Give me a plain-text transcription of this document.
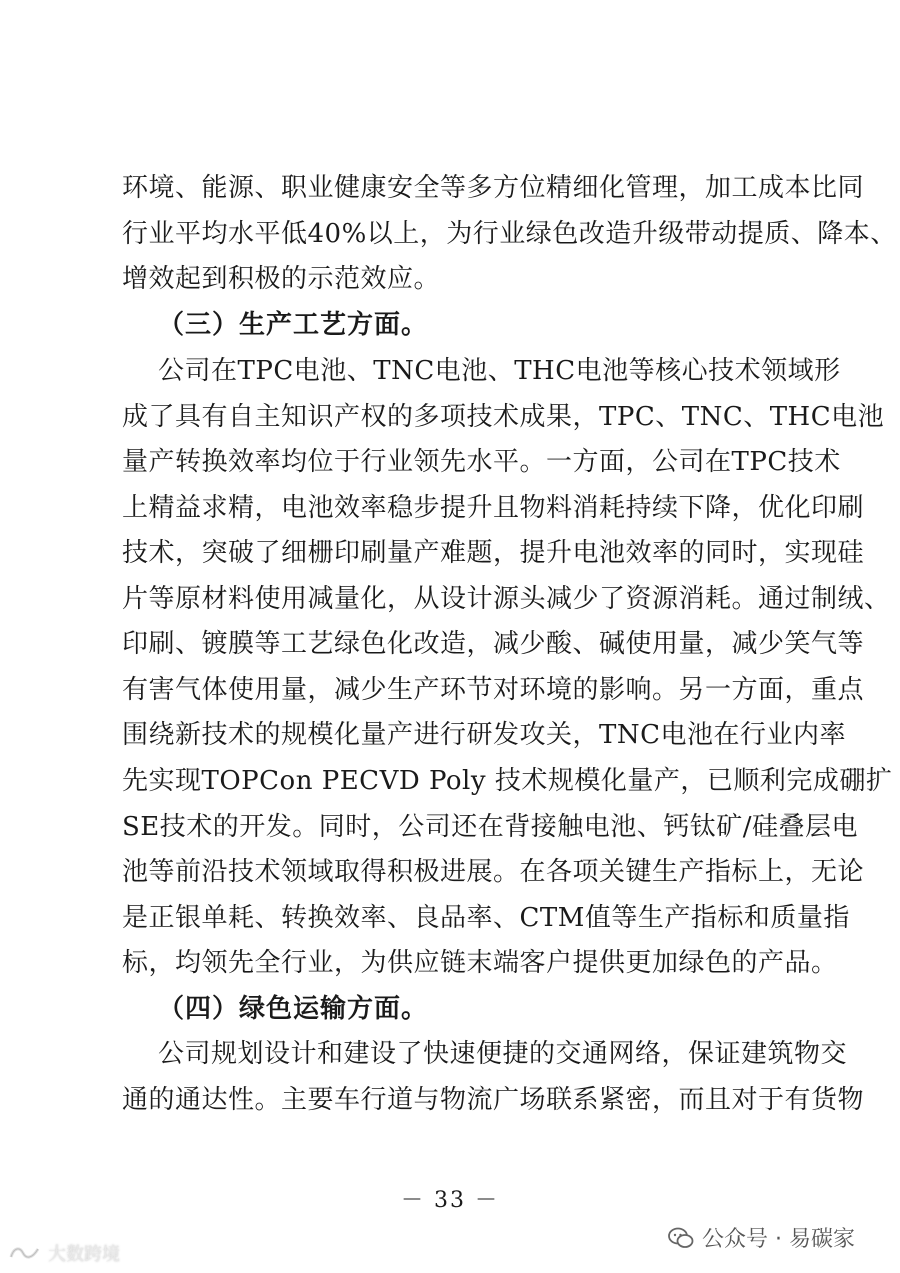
环境、能源、职业健康安全等多方位精细化管理，加工成本比同
行业平均水平低40%以上，为行业绿色改造升级带动提质、降本、
增效起到积极的示范效应。
（三）生产工艺方面。
公司在TPC电池、TNC电池、THC电池等核心技术领域形
成了具有自主知识产权的多项技术成果，TPC、TNC、THC电池
量产转换效率均位于行业领先水平。一方面，公司在TPC技术
上精益求精，电池效率稳步提升且物料消耗持续下降，优化印刷
技术，突破了细栅印刷量产难题，提升电池效率的同时，实现硅
片等原材料使用减量化，从设计源头减少了资源消耗。通过制绒、
印刷、镀膜等工艺绿色化改造，减少酸、碱使用量，减少笑气等
有害气体使用量，减少生产环节对环境的影响。另一方面，重点
围绕新技术的规模化量产进行研发攻关，TNC电池在行业内率
先实现TOPCon PECVD Poly 技术规模化量产，已顺利完成硼扩
SE技术的开发。同时，公司还在背接触电池、钙钛矿/硅叠层电
池等前沿技术领域取得积极进展。在各项关键生产指标上，无论
是正银单耗、转换效率、良品率、CTM值等生产指标和质量指
标，均领先全行业，为供应链末端客户提供更加绿色的产品。
（四）绿色运输方面。
公司规划设计和建设了快速便捷的交通网络，保证建筑物交
通的通达性。主要车行道与物流广场联系紧密，而且对于有货物
－ 33 －
公众号 · 易碳家
大数跨境
